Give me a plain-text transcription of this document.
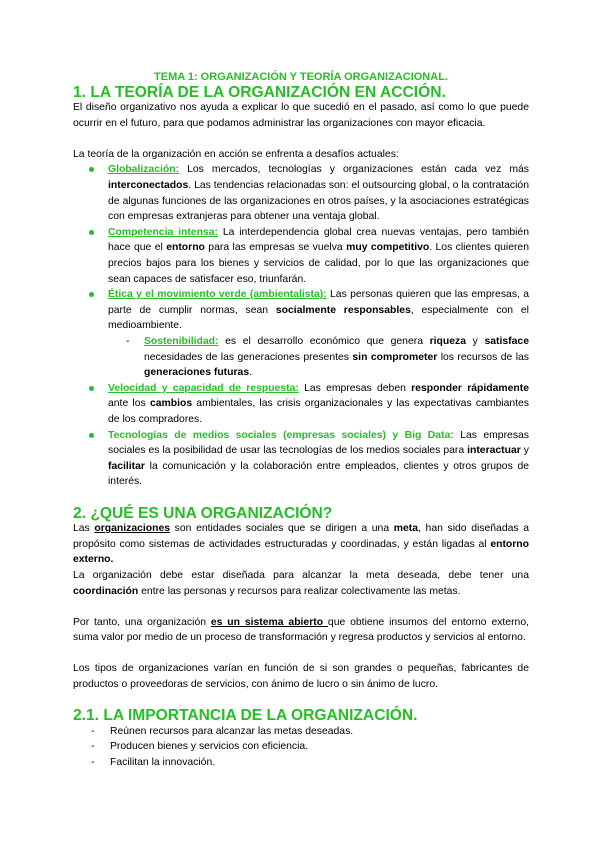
TEMA 1: ORGANIZACIÓN Y TEORÍA ORGANIZACIONAL.
1. LA TEORÍA DE LA ORGANIZACIÓN EN ACCIÓN.

El diseño organizativo nos ayuda a explicar lo que sucedió en el pasado, así como lo que puede ocurrir en el futuro, para que podamos administrar las organizaciones con mayor eficacia.

La teoría de la organización en acción se enfrenta a desafíos actuales:

Globalización: Los mercados, tecnologías y organizaciones están cada vez más interconectados. Las tendencias relacionadas son: el outsourcing global, o la contratación de algunas funciones de las organizaciones en otros países, y la asociaciones estratégicas con empresas extranjeras para obtener una ventaja global.
Competencia intensa: La interdependencia global crea nuevas ventajas, pero también hace que el entorno para las empresas se vuelva muy competitivo. Los clientes quieren precios bajos para los bienes y servicios de calidad, por lo que las organizaciones que sean capaces de satisfacer eso, triunfarán.
Ética y el movimiento verde (ambientalista): Las personas quieren que las empresas, a parte de cumplir normas, sean socialmente responsables, especialmente con el medioambiente.
- Sostenibilidad: es el desarrollo económico que genera riqueza y satisface necesidades de las generaciones presentes sin comprometer los recursos de las generaciones futuras.
Velocidad y capacidad de respuesta: Las empresas deben responder rápidamente ante los cambios ambientales, las crisis organizacionales y las expectativas cambiantes de los compradores.
Tecnologías de medios sociales (empresas sociales) y Big Data: Las empresas sociales es la posibilidad de usar las tecnologías de los medios sociales para interactuar y facilitar la comunicación y la colaboración entre empleados, clientes y otros grupos de interés.
2. ¿QUÉ ES UNA ORGANIZACIÓN?

Las organizaciones son entidades sociales que se dirigen a una meta, han sido diseñadas a propósito como sistemas de actividades estructuradas y coordinadas, y están ligadas al entorno externo.

La organización debe estar diseñada para alcanzar la meta deseada, debe tener una coordinación entre las personas y recursos para realizar colectivamente las metas.

Por tanto, una organización es un sistema abierto que obtiene insumos del entorno externo, suma valor por medio de un proceso de transformación y regresa productos y servicios al entorno.

Los tipos de organizaciones varían en función de si son grandes o pequeñas, fabricantes de productos o proveedoras de servicios, con ánimo de lucro o sin ánimo de lucro.

2.1. LA IMPORTANCIA DE LA ORGANIZACIÓN.
- Reúnen recursos para alcanzar las metas deseadas.
- Producen bienes y servicios con eficiencia.
- Facilitan la innovación.
